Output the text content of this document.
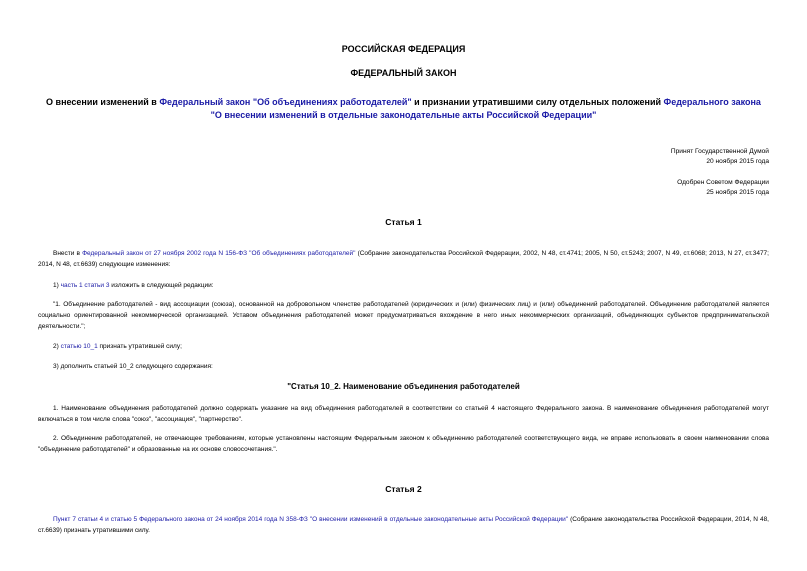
РОССИЙСКАЯ ФЕДЕРАЦИЯ
ФЕДЕРАЛЬНЫЙ ЗАКОН
О внесении изменений в Федеральный закон "Об объединениях работодателей" и признании утратившими силу отдельных положений Федерального закона "О внесении изменений в отдельные законодательные акты Российской Федерации"
Принят Государственной Думой
20 ноября 2015 года
Одобрен Советом Федерации
25 ноября 2015 года
Статья 1
Внести в Федеральный закон от 27 ноября 2002 года N 156-ФЗ "Об объединениях работодателей" (Собрание законодательства Российской Федерации, 2002, N 48, ст.4741; 2005, N 50, ст.5243; 2007, N 49, ст.6068; 2013, N 27, ст.3477; 2014, N 48, ст.6639) следующие изменения:
1) часть 1 статьи 3 изложить в следующей редакции:
"1. Объединение работодателей - вид ассоциации (союза), основанной на добровольном членстве работодателей (юридических и (или) физических лиц) и (или) объединений работодателей. Объединение работодателей является социально ориентированной некоммерческой организацией. Уставом объединения работодателей может предусматриваться вхождение в него иных некоммерческих организаций, объединяющих субъектов предпринимательской деятельности.";
2) статью 10_1 признать утратившей силу;
3) дополнить статьей 10_2 следующего содержания:
"Статья 10_2. Наименование объединения работодателей
1. Наименование объединения работодателей должно содержать указание на вид объединения работодателей в соответствии со статьей 4 настоящего Федерального закона. В наименование объединения работодателей могут включаться в том числе слова "союз", "ассоциация", "партнерство".
2. Объединение работодателей, не отвечающее требованиям, которые установлены настоящим Федеральным законом к объединению работодателей соответствующего вида, не вправе использовать в своем наименовании слова "объединение работодателей" и образованные на их основе словосочетания.".
Статья 2
Пункт 7 статьи 4 и статью 5 Федерального закона от 24 ноября 2014 года N 358-ФЗ "О внесении изменений в отдельные законодательные акты Российской Федерации" (Собрание законодательства Российской Федерации, 2014, N 48, ст.6639) признать утратившими силу.
